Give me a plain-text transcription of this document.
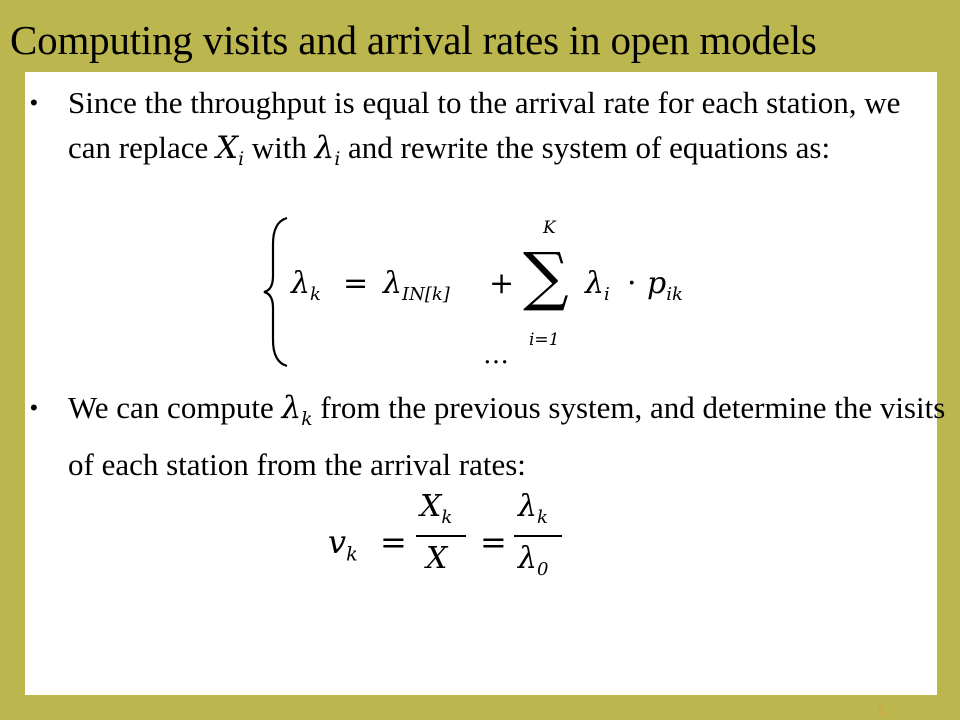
Computing visits and arrival rates in open models
• Since the throughput is equal to the arrival rate for each station, we can replace $X_i$ with $\lambda_i$ and rewrite the system of equations as:
$\lambda_k = \lambda_{IN[k]}$ +
K
∑
i=1
$\lambda_i \cdot p_{ik}$
…
• We can compute $\lambda_k$ from the previous system, and determine the visits of each station from the arrival rates:
$v_k$ =
$X_k$
X =
$\lambda_k$
$\lambda_0$
6
